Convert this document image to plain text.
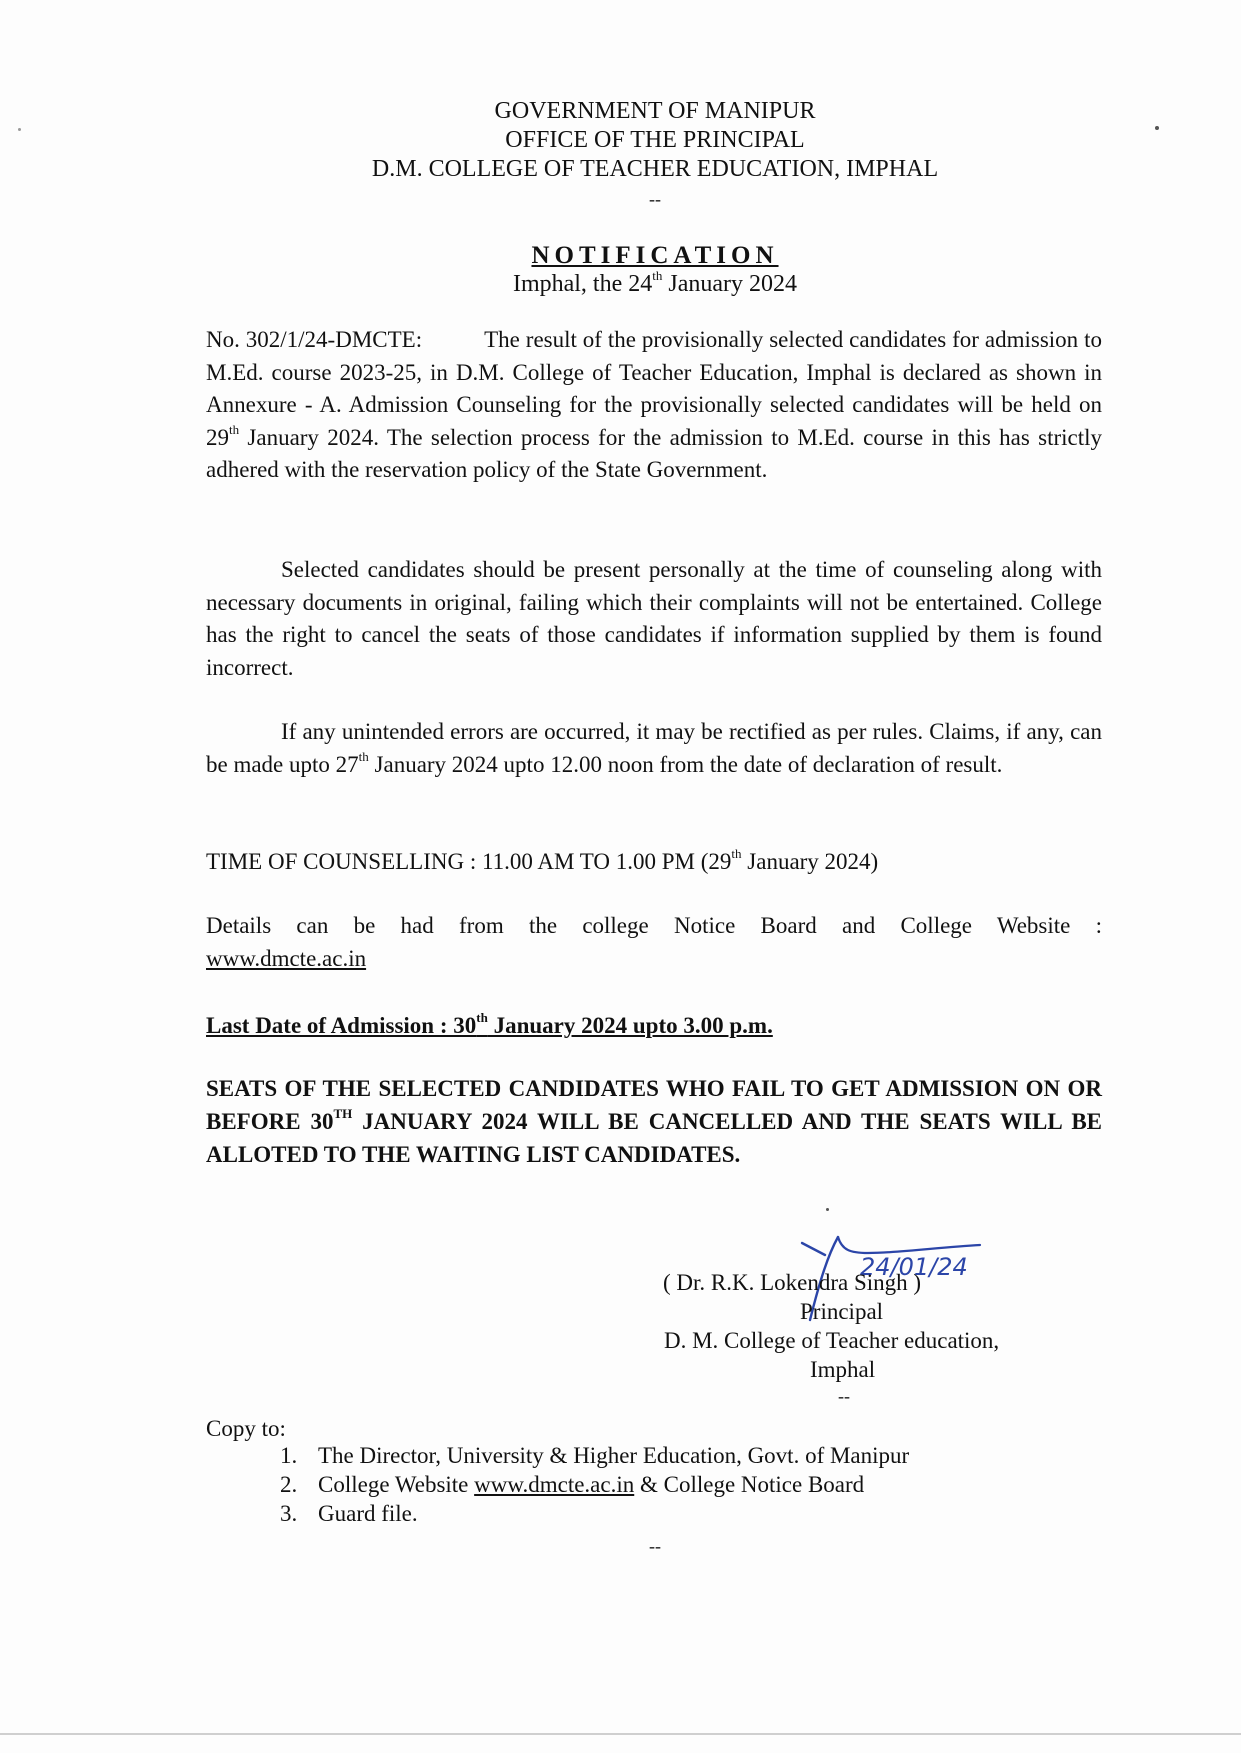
GOVERNMENT OF MANIPUR
OFFICE OF THE PRINCIPAL
D.M. COLLEGE OF TEACHER EDUCATION, IMPHAL
--
NOTIFICATION
Imphal, the 24th January 2024
No. 302/1/24-DMCTE:	The result of the provisionally selected candidates for admission to M.Ed. course 2023-25, in D.M. College of Teacher Education, Imphal is declared as shown in Annexure - A. Admission Counseling for the provisionally selected candidates will be held on 29th January 2024. The selection process for the admission to M.Ed. course in this has strictly adhered with the reservation policy of the State Government.
Selected candidates should be present personally at the time of counseling along with necessary documents in original, failing which their complaints will not be entertained. College has the right to cancel the seats of those candidates if information supplied by them is found incorrect.
If any unintended errors are occurred, it may be rectified as per rules. Claims, if any, can be made upto 27th January 2024 upto 12.00 noon from the date of declaration of result.
TIME OF COUNSELLING : 11.00 AM TO 1.00 PM (29th January 2024)
Details can be had from the college Notice Board and College Website :
www.dmcte.ac.in
Last Date of Admission : 30th January 2024 upto 3.00 p.m.
SEATS OF THE SELECTED CANDIDATES WHO FAIL TO GET ADMISSION ON OR BEFORE 30TH JANUARY 2024 WILL BE CANCELLED AND THE SEATS WILL BE ALLOTED TO THE WAITING LIST CANDIDATES.
24/01/24
( Dr. R.K. Lokendra Singh )
Principal
D. M. College of Teacher education,
Imphal
--
Copy to:
1. The Director, University & Higher Education, Govt. of Manipur
2. College Website www.dmcte.ac.in & College Notice Board
3. Guard file.
--
